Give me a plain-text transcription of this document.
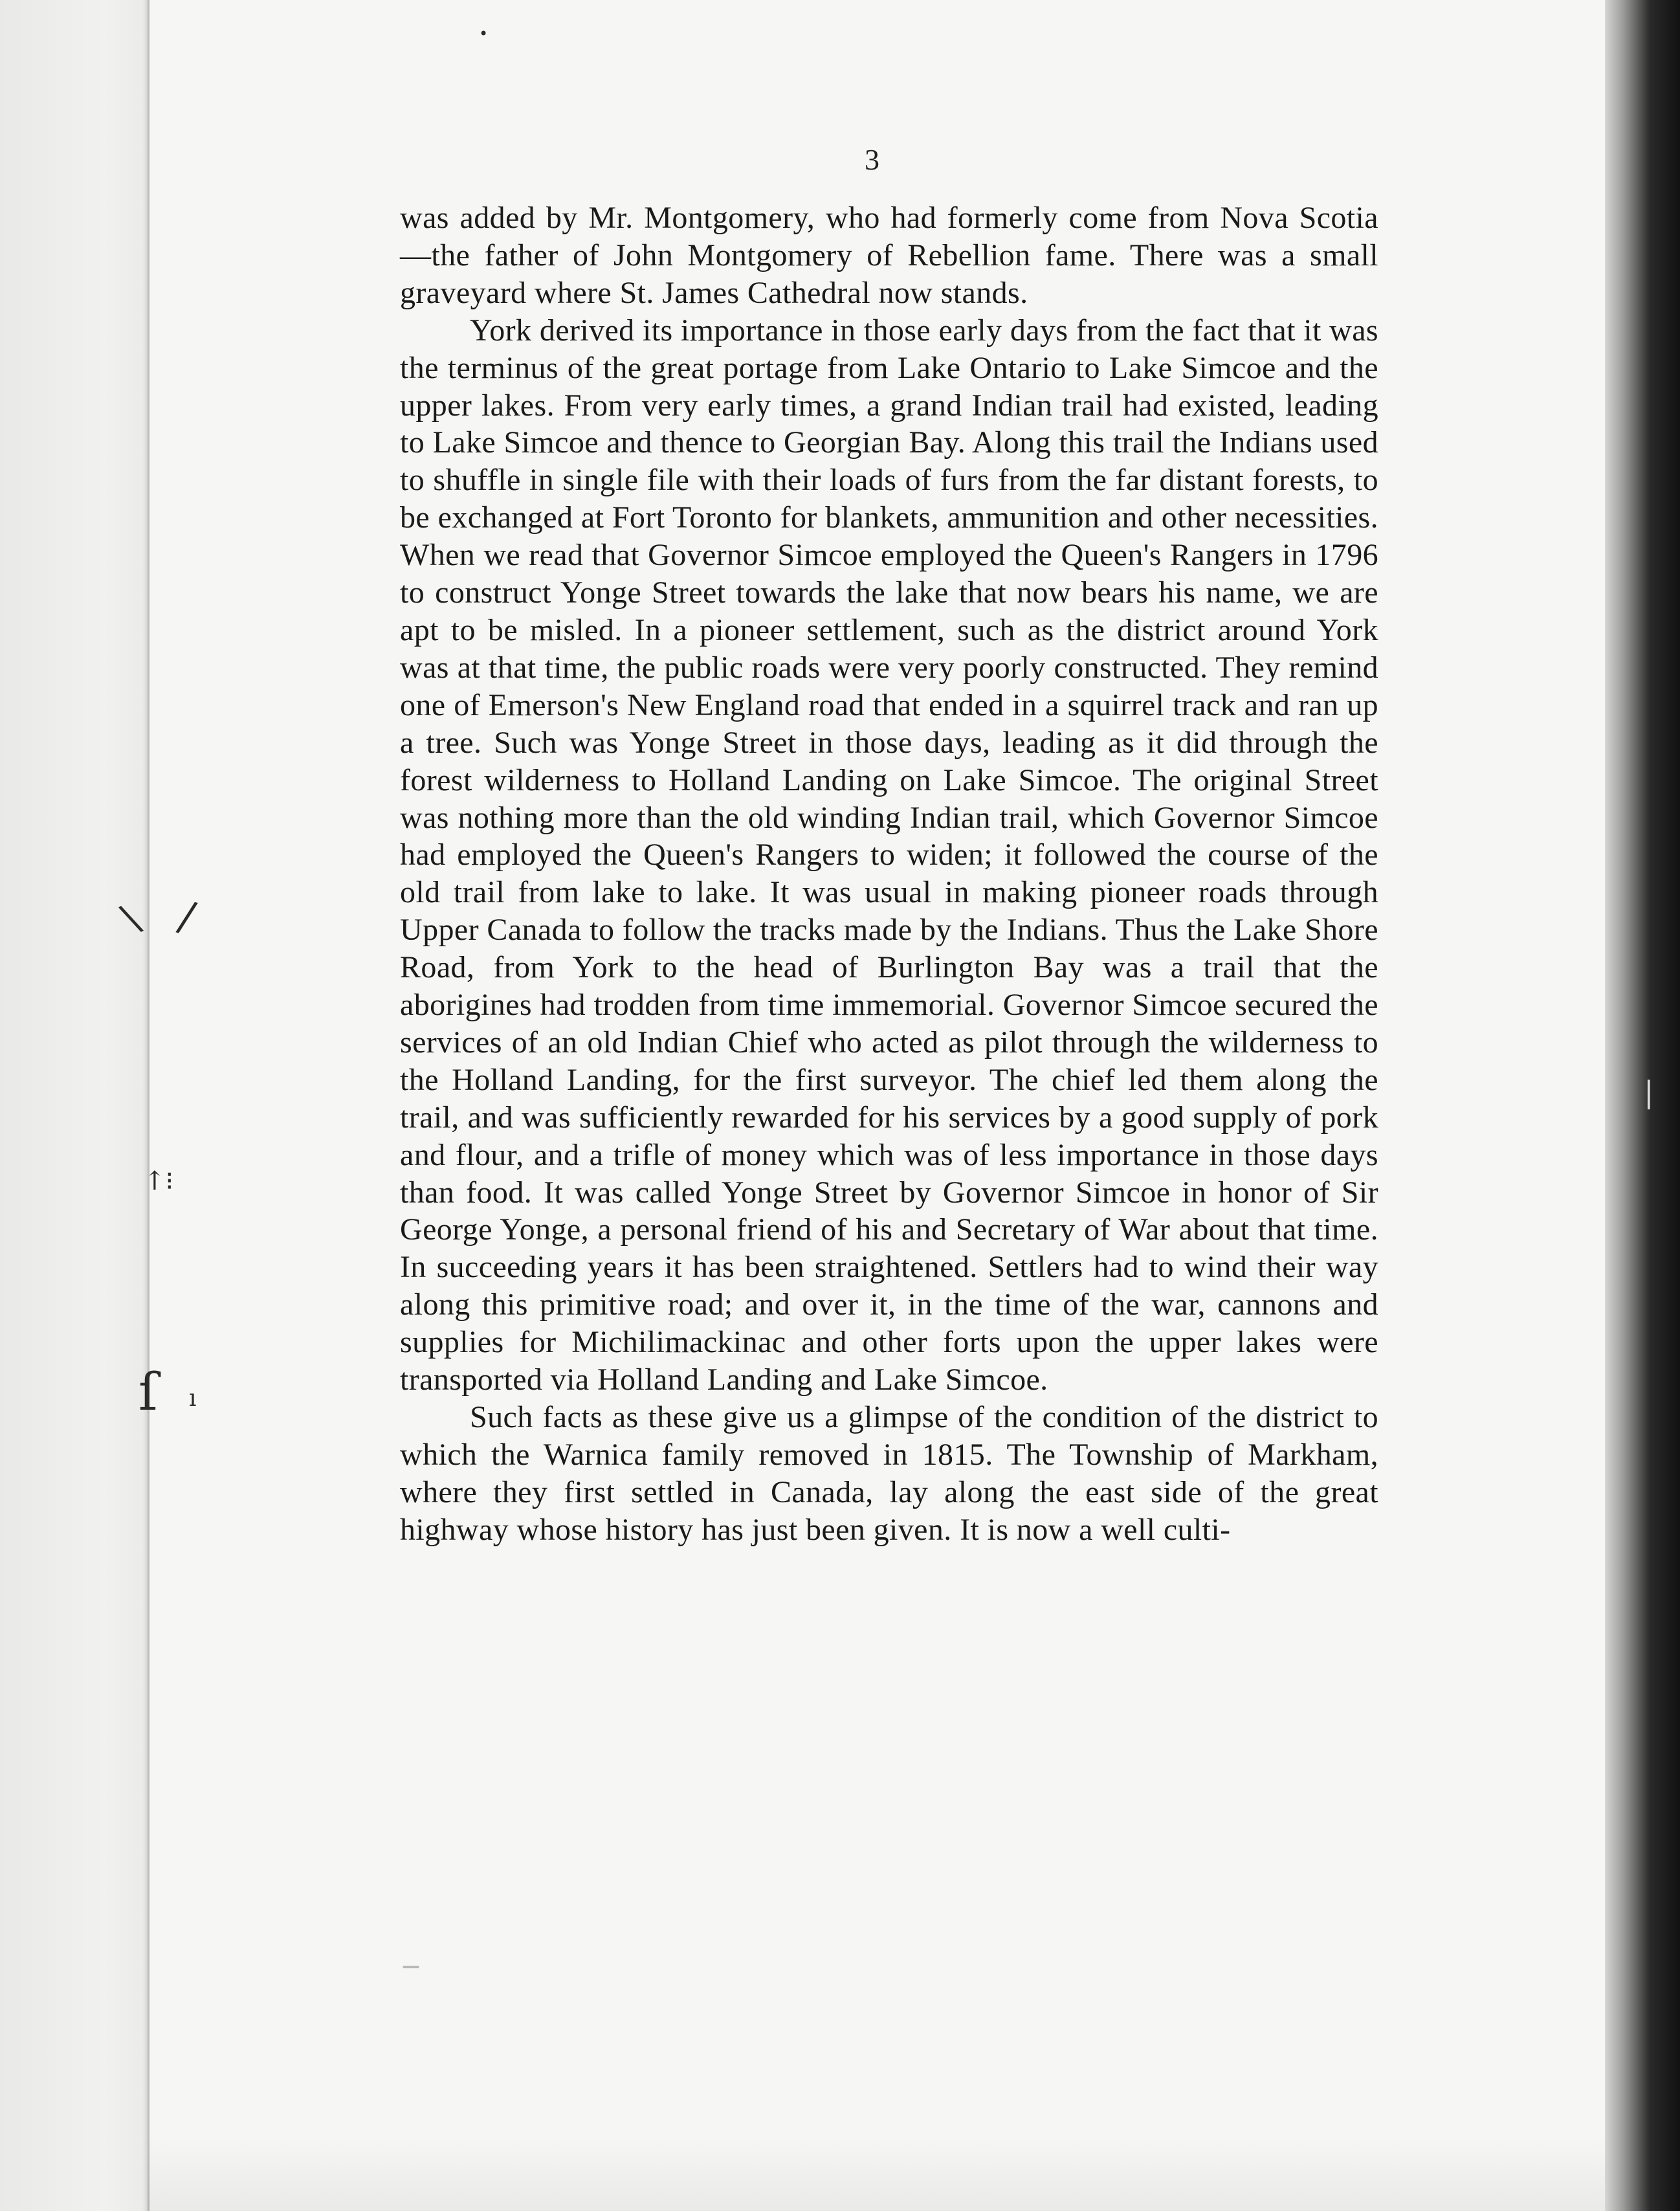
\ /
↑⁝
ſ ı
|
•
–
3

was added by Mr. Montgomery, who had formerly come from Nova Scotia—the father of John Montgomery of Rebellion fame. There was a small graveyard where St. James Cathedral now stands.

York derived its importance in those early days from the fact that it was the terminus of the great portage from Lake Ontario to Lake Simcoe and the upper lakes. From very early times, a grand Indian trail had existed, leading to Lake Simcoe and thence to Georgian Bay. Along this trail the Indians used to shuffle in single file with their loads of furs from the far distant forests, to be exchanged at Fort Toronto for blankets, ammunition and other necessities. When we read that Governor Simcoe employed the Queen's Rangers in 1796 to construct Yonge Street towards the lake that now bears his name, we are apt to be misled. In a pioneer settlement, such as the district around York was at that time, the public roads were very poorly constructed. They remind one of Emerson's New England road that ended in a squirrel track and ran up a tree. Such was Yonge Street in those days, leading as it did through the forest wilderness to Holland Landing on Lake Simcoe. The original Street was nothing more than the old winding Indian trail, which Governor Simcoe had employed the Queen's Rangers to widen; it followed the course of the old trail from lake to lake. It was usual in making pioneer roads through Upper Canada to follow the tracks made by the Indians. Thus the Lake Shore Road, from York to the head of Burlington Bay was a trail that the aborigines had trodden from time immemorial. Governor Simcoe secured the services of an old Indian Chief who acted as pilot through the wilderness to the Holland Landing, for the first surveyor. The chief led them along the trail, and was sufficiently rewarded for his services by a good supply of pork and flour, and a trifle of money which was of less importance in those days than food. It was called Yonge Street by Governor Simcoe in honor of Sir George Yonge, a personal friend of his and Secretary of War about that time. In succeeding years it has been straightened. Settlers had to wind their way along this primitive road; and over it, in the time of the war, cannons and supplies for Michilimackinac and other forts upon the upper lakes were transported via Holland Landing and Lake Simcoe.

Such facts as these give us a glimpse of the condition of the district to which the Warnica family removed in 1815. The Township of Markham, where they first settled in Canada, lay along the east side of the great highway whose history has just been given. It is now a well culti-
